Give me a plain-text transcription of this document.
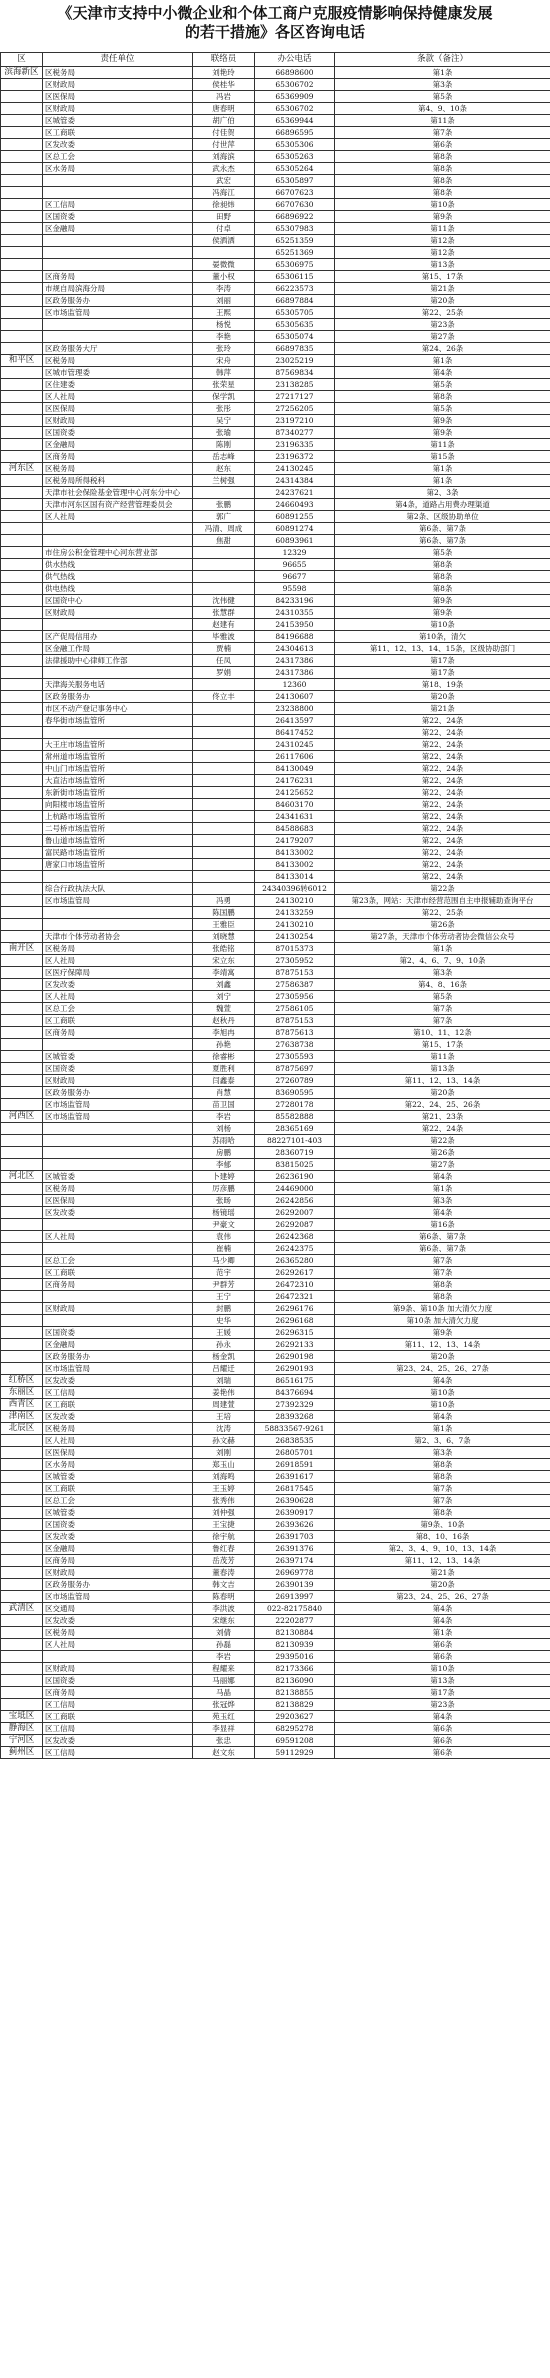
《天津市支持中小微企业和个体工商户克服疫情影响保持健康发展
的若干措施》各区咨询电话
区	责任单位	联络员	办公电话	条款（备注）
滨海新区	区税务局	刘艳玲	66898600	第1条
	区财政局	侯桂华	65306702	第3条
	区医保局	冯岩	65369909	第5条
	区财政局	唐春明	65306702	第4、9、10条
	区城管委	胡广伯	65369944	第11条
	区工商联	付佳贺	66896595	第7条
	区发改委	付世萍	65305306	第6条
	区总工会	刘海滨	65305263	第8条
	区水务局	武永杰	65305264	第8条
		武宏	65305897	第8条
		冯海江	66707623	第8条
	区工信局	徐昶炜	66707630	第10条
	区国资委	田野	66896922	第9条
	区金融局	付卓	65307983	第11条
		侯洒洒	65251359	第12条
			65251369	第12条
		晏微微	65306975	第13条
	区商务局	董小权	65306115	第15、17条
	市规自局滨海分局	李涛	66223573	第21条
	区政务服务办	刘丽	66897884	第20条
	区市场监管局	王熙	65305705	第22、25条
		杨悦	65305635	第23条
		李艳	65305074	第27条
	区政务服务大厅	张玲	66897835	第24、26条
和平区	区税务局	宋舟	23025219	第1条
	区城市管理委	韩萍	87569834	第4条
	区住建委	张荣星	23138285	第5条
	区人社局	保学凯	27217127	第8条
	区医保局	张彤	27256205	第5条
	区财政局	吴宁	23197210	第9条
	区国资委	张瑜	87340277	第9条
	区金融局	陈刚	23196335	第11条
	区商务局	岳志峰	23196372	第15条
河东区	区税务局	赵东	24130245	第1条
	区税务局所得税科	兰树强	24314384	第1条
	天津市社会保险基金管理中心河东分中心		24237621	第2、3条
	天津市河东区国有资产经营管理委员会	张鹏	24660493	第4条，道路占用费办理渠道
	区人社局	郭广	60891255	第2条、区级协助单位
		冯清、周成	60891274	第6条、第7条
		焦甜	60893961	第6条、第7条
	市住房公积金管理中心河东营业部		12329	第5条
	供水热线		96655	第8条
	供气热线		96677	第8条
	供电热线		95598	第8条
	区国资中心	沈伟健	84233196	第9条
	区财政局	张慧群	24310355	第9条
		赵建有	24153950	第10条
	区产促局信用办	毕雅波	84196688	第10条，清欠
	区金融工作局	贾楠	24304613	第11、12、13、14、15条，区级协助部门
	法律援助中心律师工作部	任凤	24317386	第17条
		罗娟	24317386	第17条
	天津海关服务电话		12360	第18、19条
	区政务服务办	佟立丰	24130607	第20条
	市区不动产登记事务中心		23238800	第21条
	春华街市场监管所		26413597	第22、24条
			86417452	第22、24条
	大王庄市场监管所		24310245	第22、24条
	常州道市场监管所		26117606	第22、24条
	中山门市场监管所		84130049	第22、24条
	大直沽市场监管所		24176231	第22、24条
	东新街市场监管所		24125652	第22、24条
	向阳楼市场监管所		84603170	第22、24条
	上杭路市场监管所		24341631	第22、24条
	二号桥市场监管所		84588683	第22、24条
	鲁山道市场监管所		24179207	第22、24条
	富民路市场监管所		84133002	第22、24条
	唐家口市场监管所		84133002	第22、24条
			84133014	第22、24条
	综合行政执法大队		24340396转6012	第22条
	区市场监管局	冯勇	24130210	第23条，网站：天津市经营范围自主申报辅助查询平台
		陈国鹏	24133259	第22、25条
		王雅臣	24130210	第26条
	天津市个体劳动者协会	刘晓慧	24130254	第27条，天津市个体劳动者协会微信公众号
南开区	区税务局	张皓铭	87015373	第1条
	区人社局	宋立东	27305952	第2、4、6、7、9、10条
	区医疗保障局	李靖寓	87875153	第3条
	区发改委	刘鑫	27586387	第4、8、16条
	区人社局	刘宁	27305956	第5条
	区总工会	魏萱	27586105	第7条
	区工商联	赵秋丹	87875153	第7条
	区商务局	李旭冉	87875613	第10、11、12条
		孙艳	27638738	第15、17条
	区城管委	徐睿彬	27305593	第11条
	区国资委	夏胜利	87875697	第13条
	区财政局	闫鑫泰	27260789	第11、12、13、14条
	区政务服务办	肖慧	83690595	第20条
	区市场监管局	苗卫国	27280178	第22、24、25、26条
河西区	区市场监管局	李岩	85582888	第21、23条
		刘杨	28365169	第22、24条
		苏雨哈	88227101-403	第22条
		房鹏	28360719	第26条
		李郁	83815025	第27条
河北区	区城管委	卜建婷	26236190	第4条
	区税务局	厉彦鹏	24469000	第1条
	区医保局	张旸	26242856	第3条
	区发改委	杨镜瑶	26292007	第4条
		尹豪文	26292087	第16条
	区人社局	袁伟	26242368	第6条、第7条
		崔楠	26242375	第6条、第7条
	区总工会	马少卿	26365280	第7条
	区工商联	范宇	26292617	第7条
	区商务局	尹群芳	26472310	第8条
		王宁	26472321	第8条
	区财政局	封鹏	26296176	第9条、第10条 加大清欠力度
		史华	26296168	第10条 加大清欠力度
	区国资委	王媛	26296315	第9条
	区金融局	孙永	26292133	第11、12、13、14条
	区政务服务办	杨金凯	26290198	第20条
	区市场监管局	吕耀迁	26290193	第23、24、25、26、27条
红桥区	区发改委	刘瑞	86516175	第4条
东丽区	区工信局	姜艳伟	84376694	第10条
西青区	区工商联	周建萱	27392329	第10条
津南区	区发改委	王培	28393268	第4条
北辰区	区税务局	沈涛	58833567-9261	第1条
	区人社局	孙文赫	26838535	第2、3、6、7条
	区医保局	刘刚	26805701	第3条
	区水务局	郑玉山	26918591	第8条
	区城管委	刘海鸣	26391617	第8条
	区工商联	王玉婷	26817545	第7条
	区总工会	张秀伟	26390628	第7条
	区城管委	刘仲强	26390917	第8条
	区国资委	王宝捷	26393626	第9条、10条
	区发改委	徐宇航	26391703	第8、10、16条
	区金融局	鲁红春	26391376	第2、3、4、9、10、13、14条
	区商务局	岳茂芳	26397174	第11、12、13、14条
	区财政局	董春涛	26969778	第21条
	区政务服务办	韩文吉	26390139	第20条
	区市场监管局	陈春明	26913997	第23、24、25、26、27条
武清区	区交通局	李洪波	022-82175840	第4条
	区发改委	宋继东	22202877	第4条
	区税务局	刘倩	82130884	第1条
	区人社局	孙磊	82130939	第6条
		李岩	29395016	第6条
	区财政局	程耀来	82173366	第10条
	区国资委	马丽娜	82136090	第13条
	区商务局	马晶	82138855	第17条
	区工信局	张冠烨	82138829	第23条
宝坻区	区工商联	苑玉红	29203627	第4条
静海区	区工信局	李显祥	68295278	第6条
宁河区	区发改委	张忠	69591208	第6条
蓟州区	区工信局	赵文东	59112929	第6条
